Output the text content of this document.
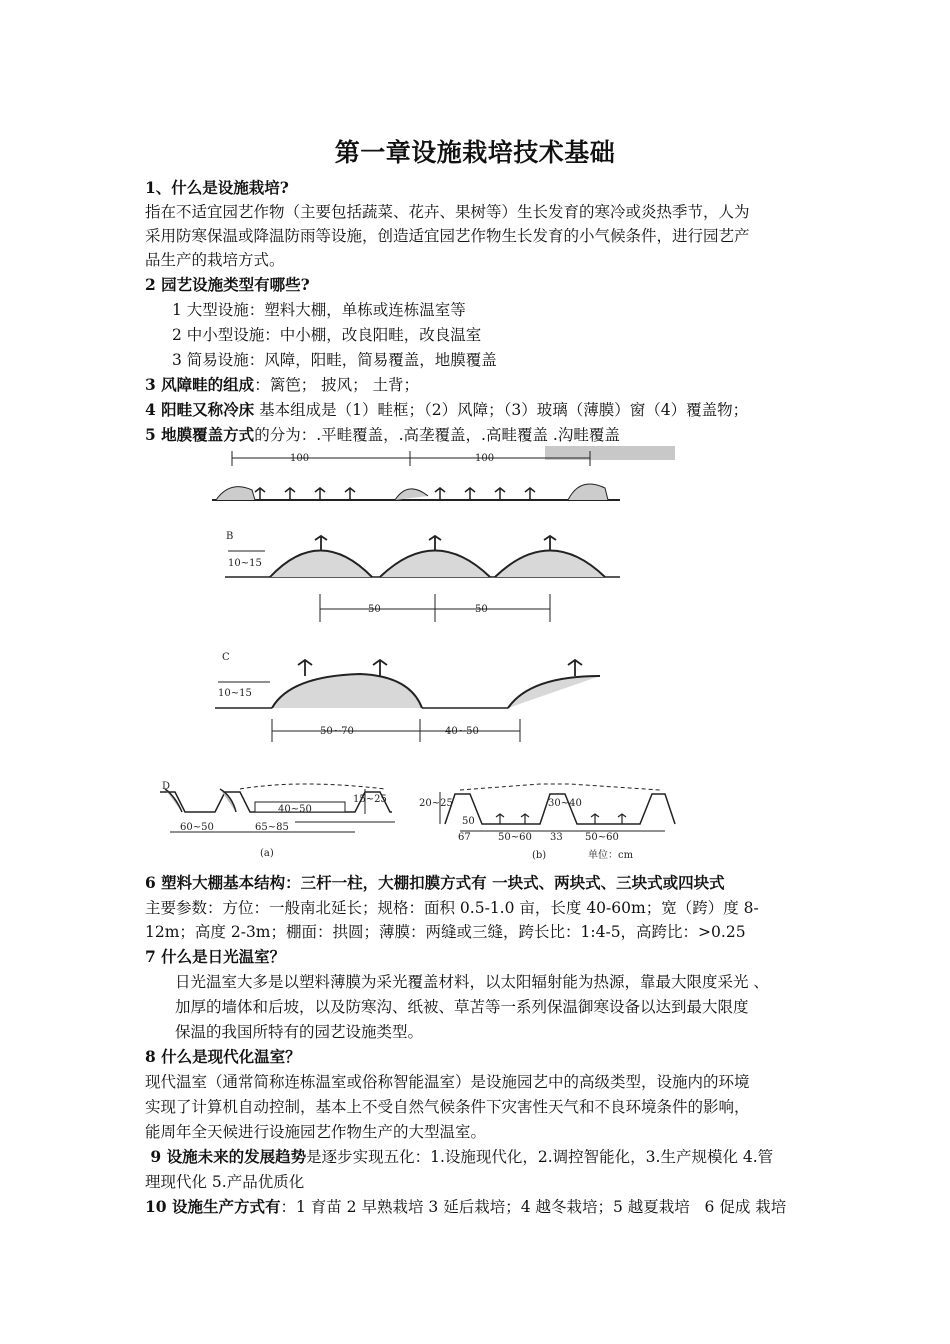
第一章设施栽培技术基础
1、什么是设施栽培?
指在不适宜园艺作物（主要包括蔬菜、花卉、果树等）生长发育的寒冷或炎热季节，人为
采用防寒保温或降温防雨等设施，创造适宜园艺作物生长发育的小气候条件，进行园艺产
品生产的栽培方式。
2 园艺设施类型有哪些?
1 大型设施：塑料大棚，单栋或连栋温室等
2 中小型设施：中小棚，改良阳畦，改良温室
3 简易设施：风障，阳畦，简易覆盖，地膜覆盖
3 风障畦的组成：篱笆； 披风； 土背；
4 阳畦又称冷床 基本组成是（1）畦框；（2）风障；（3）玻璃（薄膜）窗（4）覆盖物；
5 地膜覆盖方式的分为：.平畦覆盖，.高垄覆盖，.高畦覆盖 .沟畦覆盖
100	100
B
10~15
50	50
C
10~15
50~70	40~50
D
40~50
15~25
60~50	65~85
(a)
20~25	30~40
50
67	50~60 33 50~60
(b)	单位：cm
6 塑料大棚基本结构：三杆一柱，大棚扣膜方式有 一块式、两块式、三块式或四块式
主要参数：方位：一般南北延长；规格：面积 0.5-1.0 亩，长度 40-60m；宽（跨）度 8-
12m；高度 2-3m；棚面：拱圆；薄膜：两缝或三缝，跨长比：1:4-5，高跨比：>0.25
7 什么是日光温室？
日光温室大多是以塑料薄膜为采光覆盖材料，以太阳辐射能为热源，靠最大限度采光 、
加厚的墙体和后坡，以及防寒沟、纸被、草苫等一系列保温御寒设备以达到最大限度
保温的我国所特有的园艺设施类型。
8 什么是现代化温室？
现代温室（通常简称连栋温室或俗称智能温室）是设施园艺中的高级类型，设施内的环境
实现了计算机自动控制，基本上不受自然气候条件下灾害性天气和不良环境条件的影响，
能周年全天候进行设施园艺作物生产的大型温室。
9 设施未来的发展趋势是逐步实现五化：1.设施现代化，2.调控智能化，3.生产规模化 4.管
理现代化 5.产品优质化
10 设施生产方式有：1 育苗 2 早熟栽培 3 延后栽培；4 越冬栽培；5 越夏栽培   6 促成 栽培
